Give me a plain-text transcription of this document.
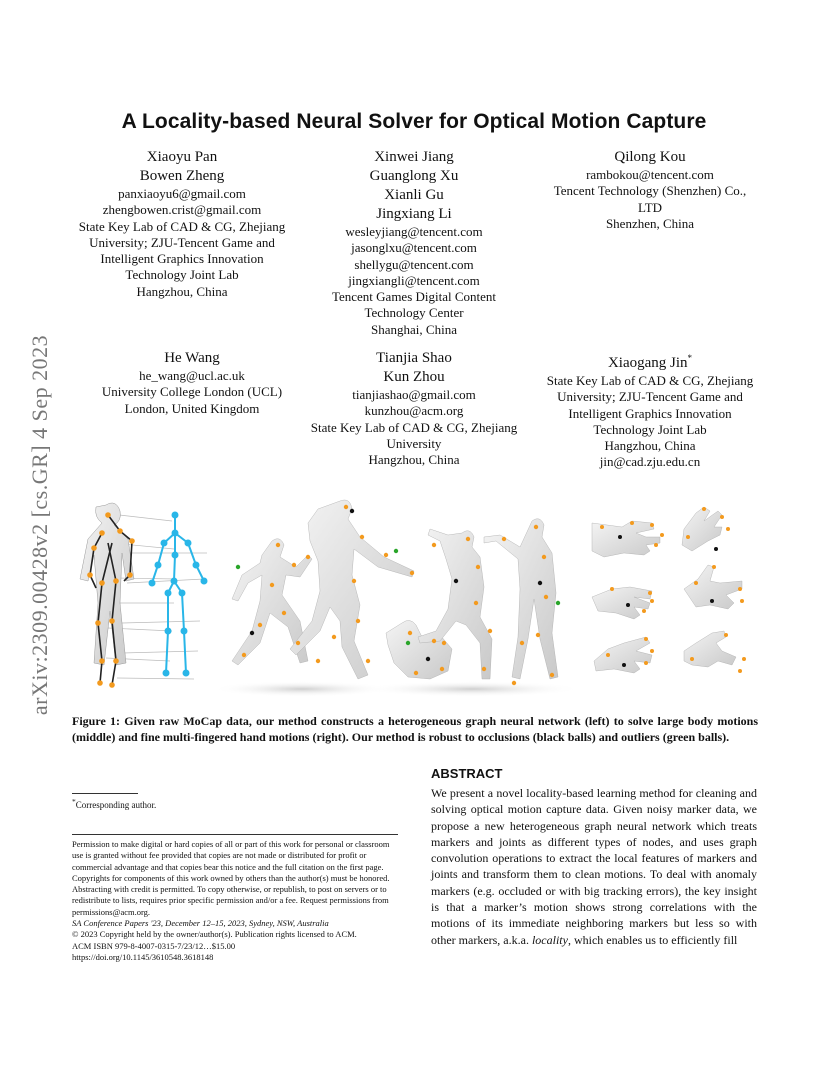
arXiv:2309.00428v2 [cs.GR] 4 Sep 2023
A Locality-based Neural Solver for Optical Motion Capture
Xiaoyu Pan
Bowen Zheng
panxiaoyu6@gmail.com
zhengbowen.crist@gmail.com
State Key Lab of CAD & CG, Zhejiang
University; ZJU-Tencent Game and
Intelligent Graphics Innovation
Technology Joint Lab
Hangzhou, China
Xinwei Jiang
Guanglong Xu
Xianli Gu
Jingxiang Li
wesleyjiang@tencent.com
jasonglxu@tencent.com
shellygu@tencent.com
jingxiangli@tencent.com
Tencent Games Digital Content
Technology Center
Shanghai, China
Qilong Kou
rambokou@tencent.com
Tencent Technology (Shenzhen) Co.,
LTD
Shenzhen, China
He Wang
he_wang@ucl.ac.uk
University College London (UCL)
London, United Kingdom
Tianjia Shao
Kun Zhou
tianjiashao@gmail.com
kunzhou@acm.org
State Key Lab of CAD & CG, Zhejiang
University
Hangzhou, China
Xiaogang Jin*
State Key Lab of CAD & CG, Zhejiang
University; ZJU-Tencent Game and
Intelligent Graphics Innovation
Technology Joint Lab
Hangzhou, China
jin@cad.zju.edu.cn

Figure 1: Given raw MoCap data, our method constructs a heterogeneous graph neural network (left) to solve large body motions (middle) and fine multi-fingered hand motions (right). Our method is robust to occlusions (black balls) and outliers (green balls).

ABSTRACT

We present a novel locality-based learning method for cleaning and solving optical motion capture data. Given noisy marker data, we propose a new heterogeneous graph neural network which treats markers and joints as different types of nodes, and uses graph convolution operations to extract the local features of markers and joints and transform them to clean motions. To deal with anomaly markers (e.g. occluded or with big tracking errors), the key insight is that a marker’s motion shows strong correlations with the motions of its immediate neighboring markers but less so with other markers, a.k.a. locality, which enables us to efficiently fill

*Corresponding author.

Permission to make digital or hard copies of all or part of this work for personal or classroom use is granted without fee provided that copies are not made or distributed for profit or commercial advantage and that copies bear this notice and the full citation on the first page. Copyrights for components of this work owned by others than the author(s) must be honored. Abstracting with credit is permitted. To copy otherwise, or republish, to post on servers or to redistribute to lists, requires prior specific permission and/or a fee. Request permissions from permissions@acm.org.

SA Conference Papers '23, December 12–15, 2023, Sydney, NSW, Australia

© 2023 Copyright held by the owner/author(s). Publication rights licensed to ACM.

ACM ISBN 979-8-4007-0315-7/23/12…$15.00

https://doi.org/10.1145/3610548.3618148
